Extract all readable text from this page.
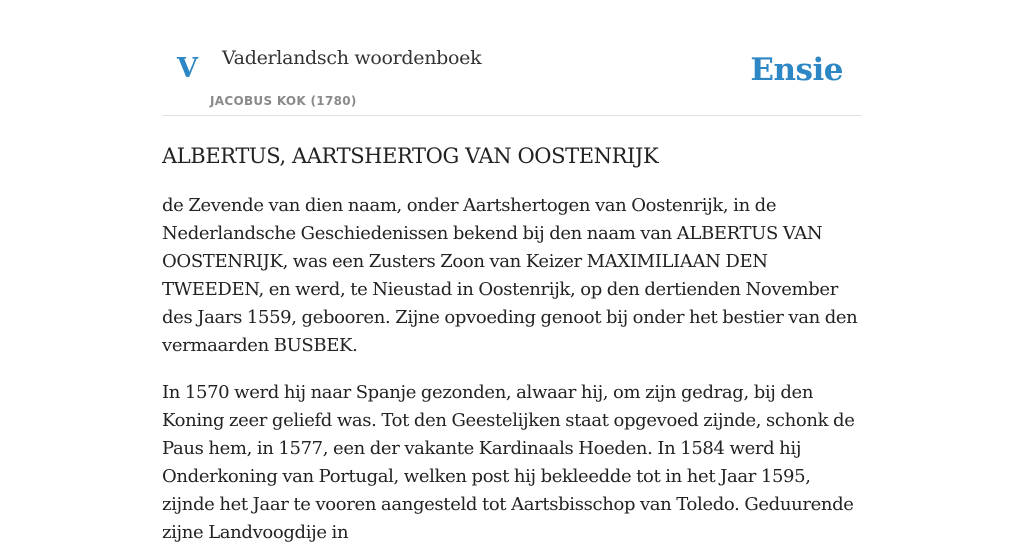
V Vaderlandsch woordenboek
JACOBUS KOK (1780)
Ensie
ALBERTUS, AARTSHERTOG VAN OOSTENRIJK

de Zevende van dien naam, onder Aartshertogen van Oostenrijk, in de Nederlandsche Geschiedenissen bekend bij den naam van ALBERTUS VAN OOSTENRIJK, was een Zusters Zoon van Keizer MAXIMILIAAN DEN TWEEDEN, en werd, te Nieustad in Oostenrijk, op den dertienden November des Jaars 1559, gebooren. Zijne opvoeding genoot bij onder het bestier van den vermaarden BUSBEK.

In 1570 werd hij naar Spanje gezonden, alwaar hij, om zijn gedrag, bij den Koning zeer geliefd was. Tot den Geestelijken staat opgevoed zijnde, schonk de Paus hem, in 1577, een der vakante Kardinaals Hoeden. In 1584 werd hij Onderkoning van Portugal, welken post hij bekleedde tot in het Jaar 1595, zijnde het Jaar te vooren aangesteld tot Aartsbisschop van Toledo. Geduurende zijne Landvoogdije in
